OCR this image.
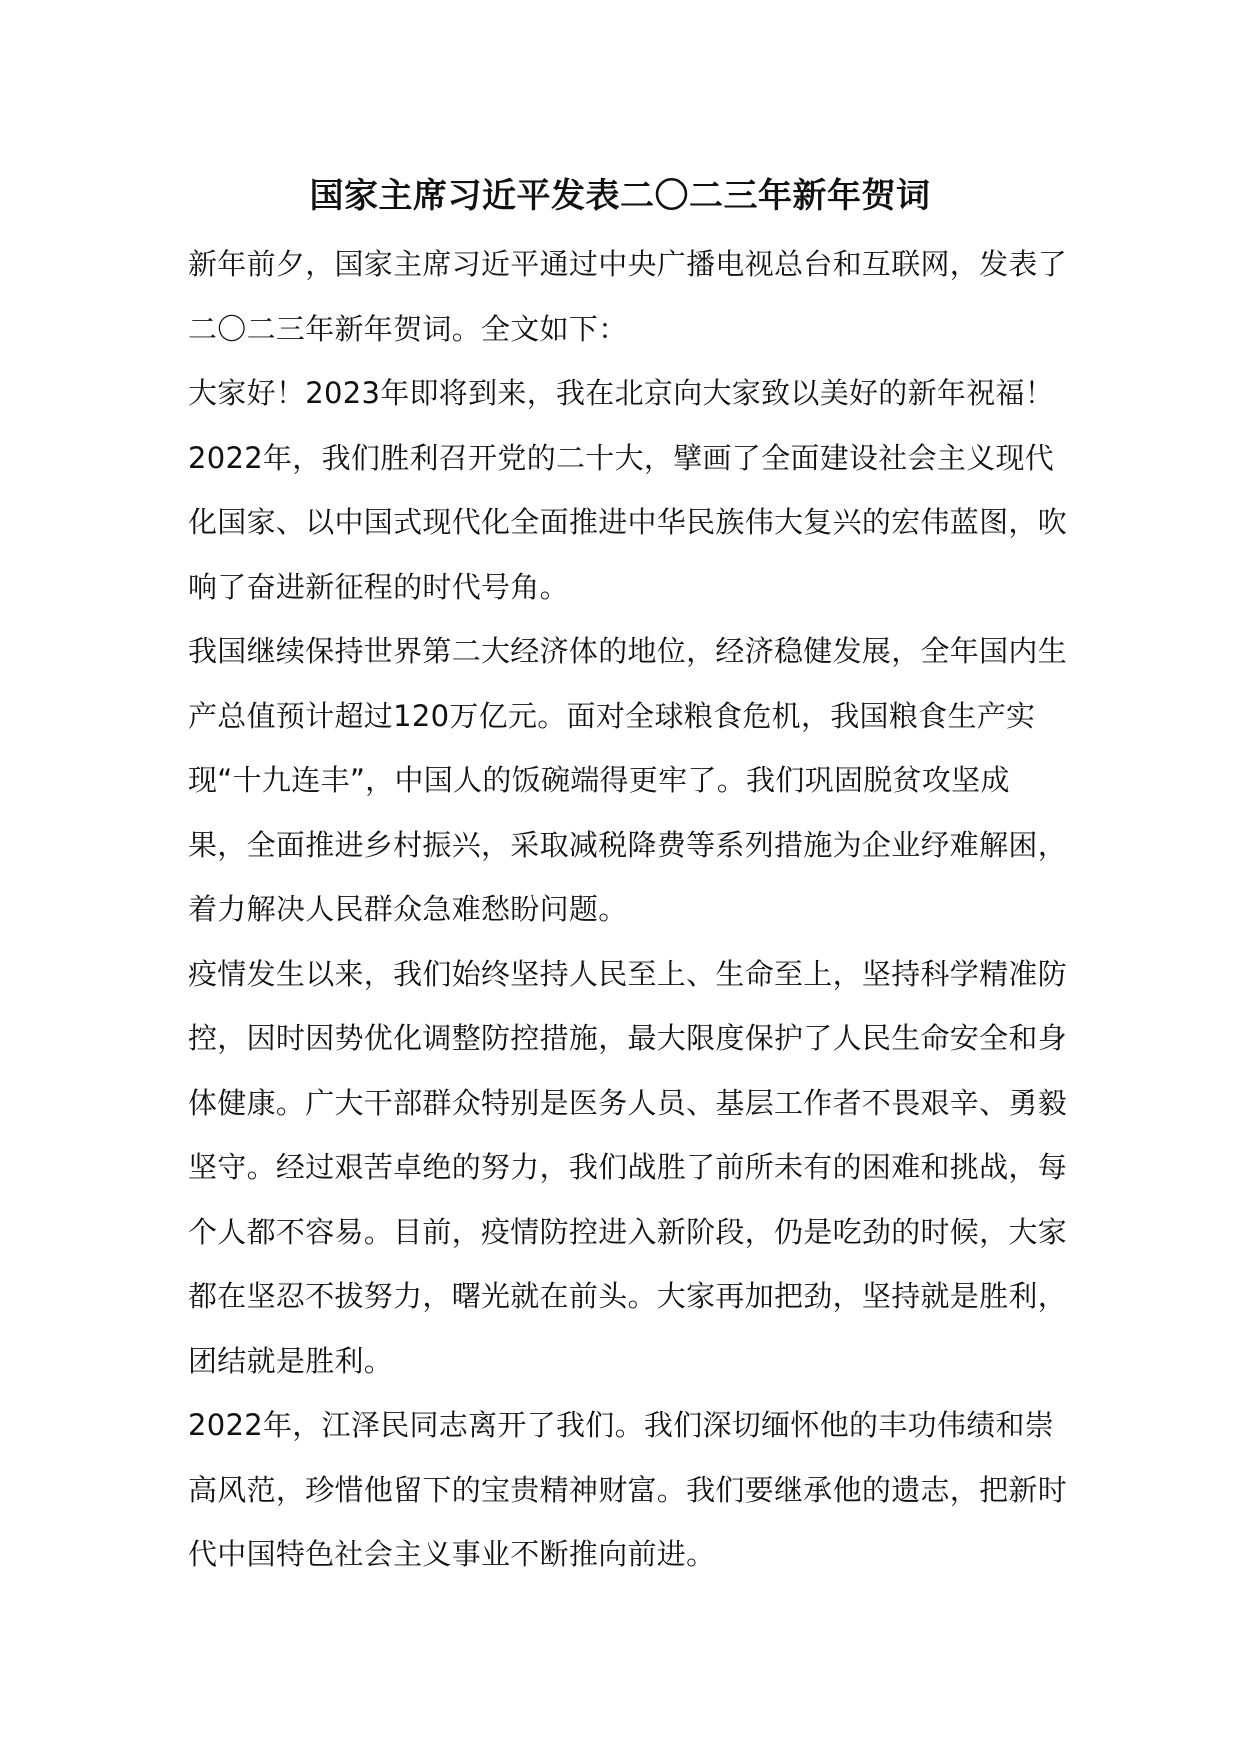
国家主席习近平发表二〇二三年新年贺词

新年前夕，国家主席习近平通过中央广播电视总台和互联网，发表了二〇二三年新年贺词。全文如下：

大家好！2023年即将到来，我在北京向大家致以美好的新年祝福！

2022年，我们胜利召开党的二十大，擘画了全面建设社会主义现代化国家、以中国式现代化全面推进中华民族伟大复兴的宏伟蓝图，吹响了奋进新征程的时代号角。

我国继续保持世界第二大经济体的地位，经济稳健发展，全年国内生产总值预计超过120万亿元。面对全球粮食危机，我国粮食生产实现“十九连丰”，中国人的饭碗端得更牢了。我们巩固脱贫攻坚成果，全面推进乡村振兴，采取减税降费等系列措施为企业纾难解困，着力解决人民群众急难愁盼问题。

疫情发生以来，我们始终坚持人民至上、生命至上，坚持科学精准防控，因时因势优化调整防控措施，最大限度保护了人民生命安全和身体健康。广大干部群众特别是医务人员、基层工作者不畏艰辛、勇毅坚守。经过艰苦卓绝的努力，我们战胜了前所未有的困难和挑战，每个人都不容易。目前，疫情防控进入新阶段，仍是吃劲的时候，大家都在坚忍不拔努力，曙光就在前头。大家再加把劲，坚持就是胜利，团结就是胜利。

2022年，江泽民同志离开了我们。我们深切缅怀他的丰功伟绩和崇高风范，珍惜他留下的宝贵精神财富。我们要继承他的遗志，把新时代中国特色社会主义事业不断推向前进。
